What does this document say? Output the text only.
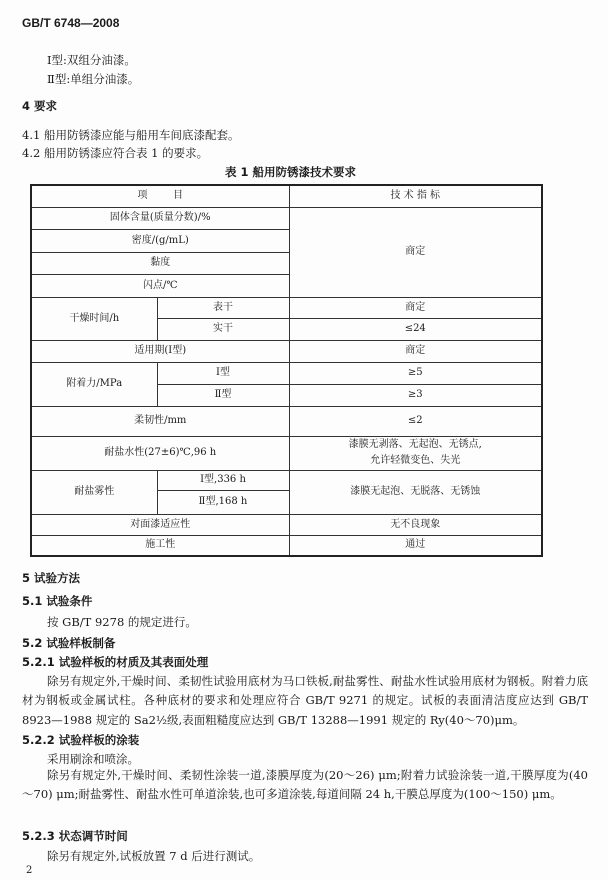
GB/T 6748—2008
Ⅰ型:双组分油漆。
Ⅱ型:单组分油漆。
4 要求
4.1 船用防锈漆应能与船用车间底漆配套。
4.2 船用防锈漆应符合表 1 的要求。
表 1 船用防锈漆技术要求
项        目		技 术 指 标
固体含量(质量分数)/%		商定
密度/(g/mL)		
黏度		
闪点/℃		
干燥时间/h	表干	商定
	实干	≤24
适用期(Ⅰ型)		商定
附着力/MPa	Ⅰ型	≥5
	Ⅱ型	≥3
柔韧性/mm		≤2
耐盐水性(27±6)℃,96 h		漆膜无剥落、无起泡、无锈点,
允许轻微变色、失光

耐盐雾性	Ⅰ型,336 h	漆膜无起泡、无脱落、无锈蚀
	Ⅱ型,168 h	
对面漆适应性		无不良现象
施工性		通过
5 试验方法
5.1 试验条件
按 GB/T 9278 的规定进行。
5.2 试验样板制备
5.2.1 试验样板的材质及其表面处理
除另有规定外,干燥时间、柔韧性试验用底材为马口铁板,耐盐雾性、耐盐水性试验用底材为钢板。附着力底材为钢板或金属试柱。各种底材的要求和处理应符合 GB/T 9271 的规定。试板的表面清洁度应达到 GB/T 8923—1988 规定的 Sa2½级,表面粗糙度应达到 GB/T 13288—1991 规定的 Ry(40～70)μm。
5.2.2 试验样板的涂装
采用刷涂和喷涂。
除另有规定外,干燥时间、柔韧性涂装一道,漆膜厚度为(20～26) μm;附着力试验涂装一道,干膜厚度为(40～70) μm;耐盐雾性、耐盐水性可单道涂装,也可多道涂装,每道间隔 24 h,干膜总厚度为(100～150) μm。
5.2.3 状态调节时间
除另有规定外,试板放置 7 d 后进行测试。
2
